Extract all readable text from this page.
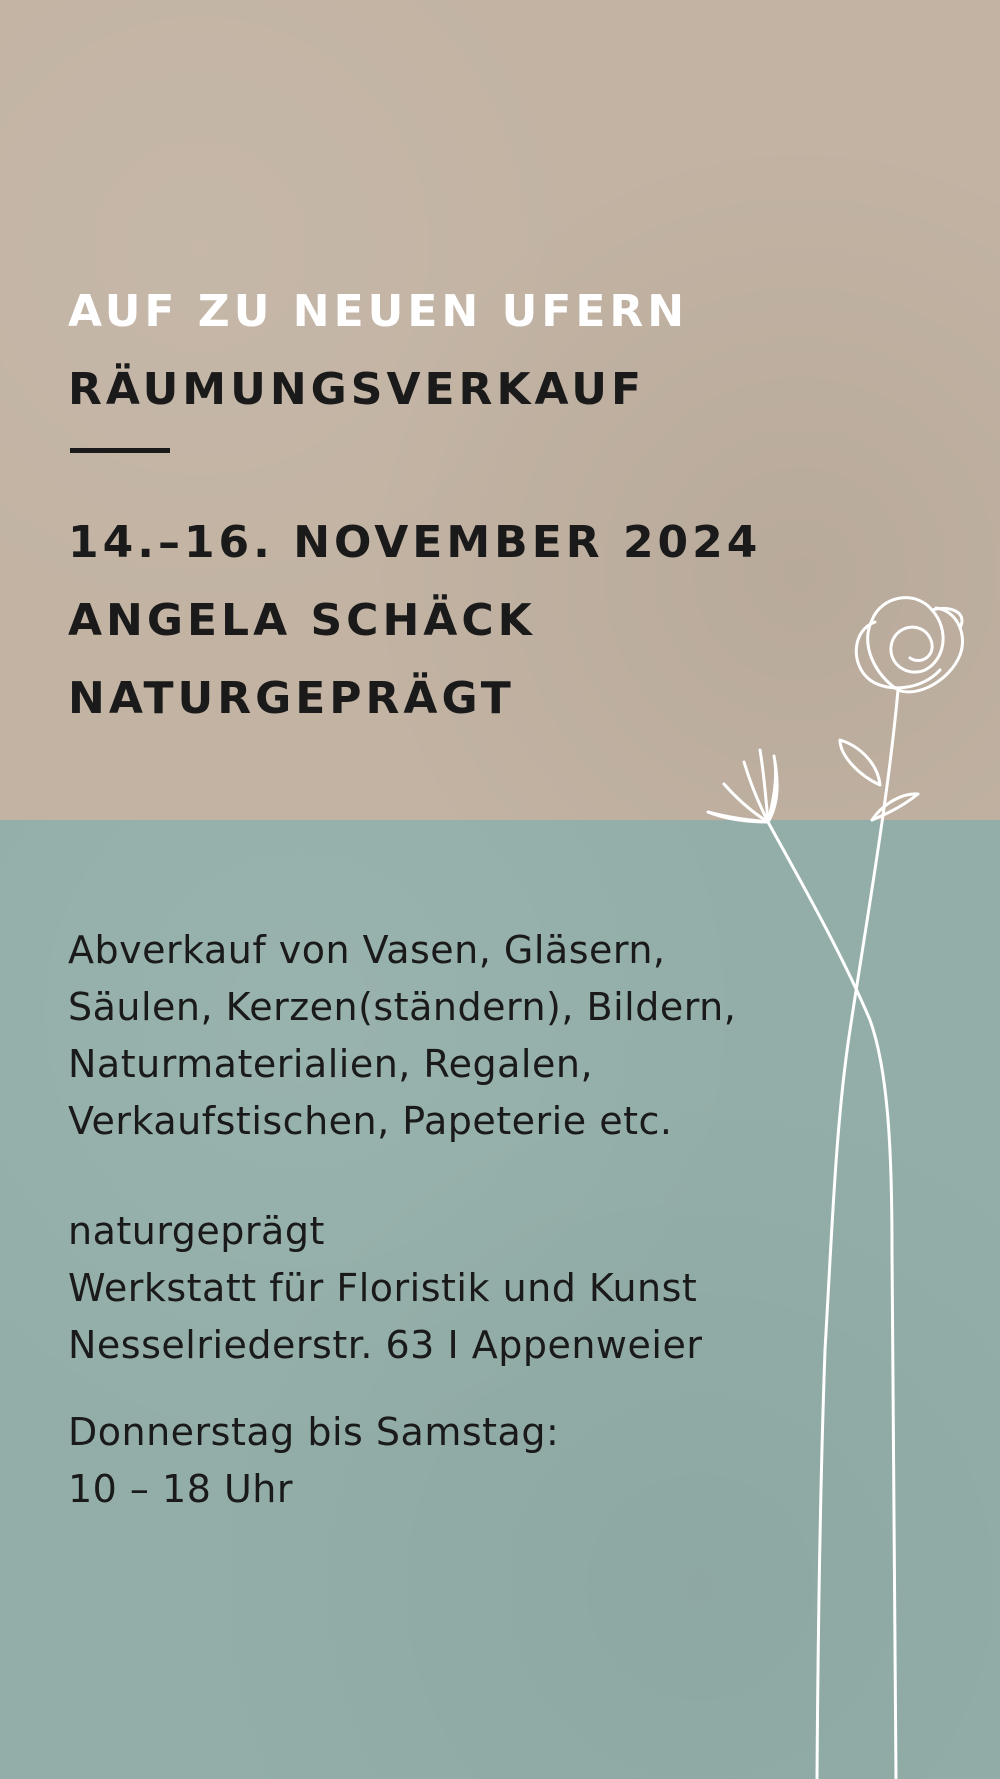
AUF ZU NEUEN UFERN
RÄUMUNGSVERKAUF
14.–16. NOVEMBER 2024
ANGELA SCHÄCK
NATURGEPRÄGT
Abverkauf von Vasen, Gläsern,
Säulen, Kerzen(ständern), Bildern,
Naturmaterialien, Regalen,
Verkaufstischen, Papeterie etc.
naturgeprägt
Werkstatt für Floristik und Kunst
Nesselriederstr. 63 I Appenweier
Donnerstag bis Samstag:
10 – 18 Uhr
